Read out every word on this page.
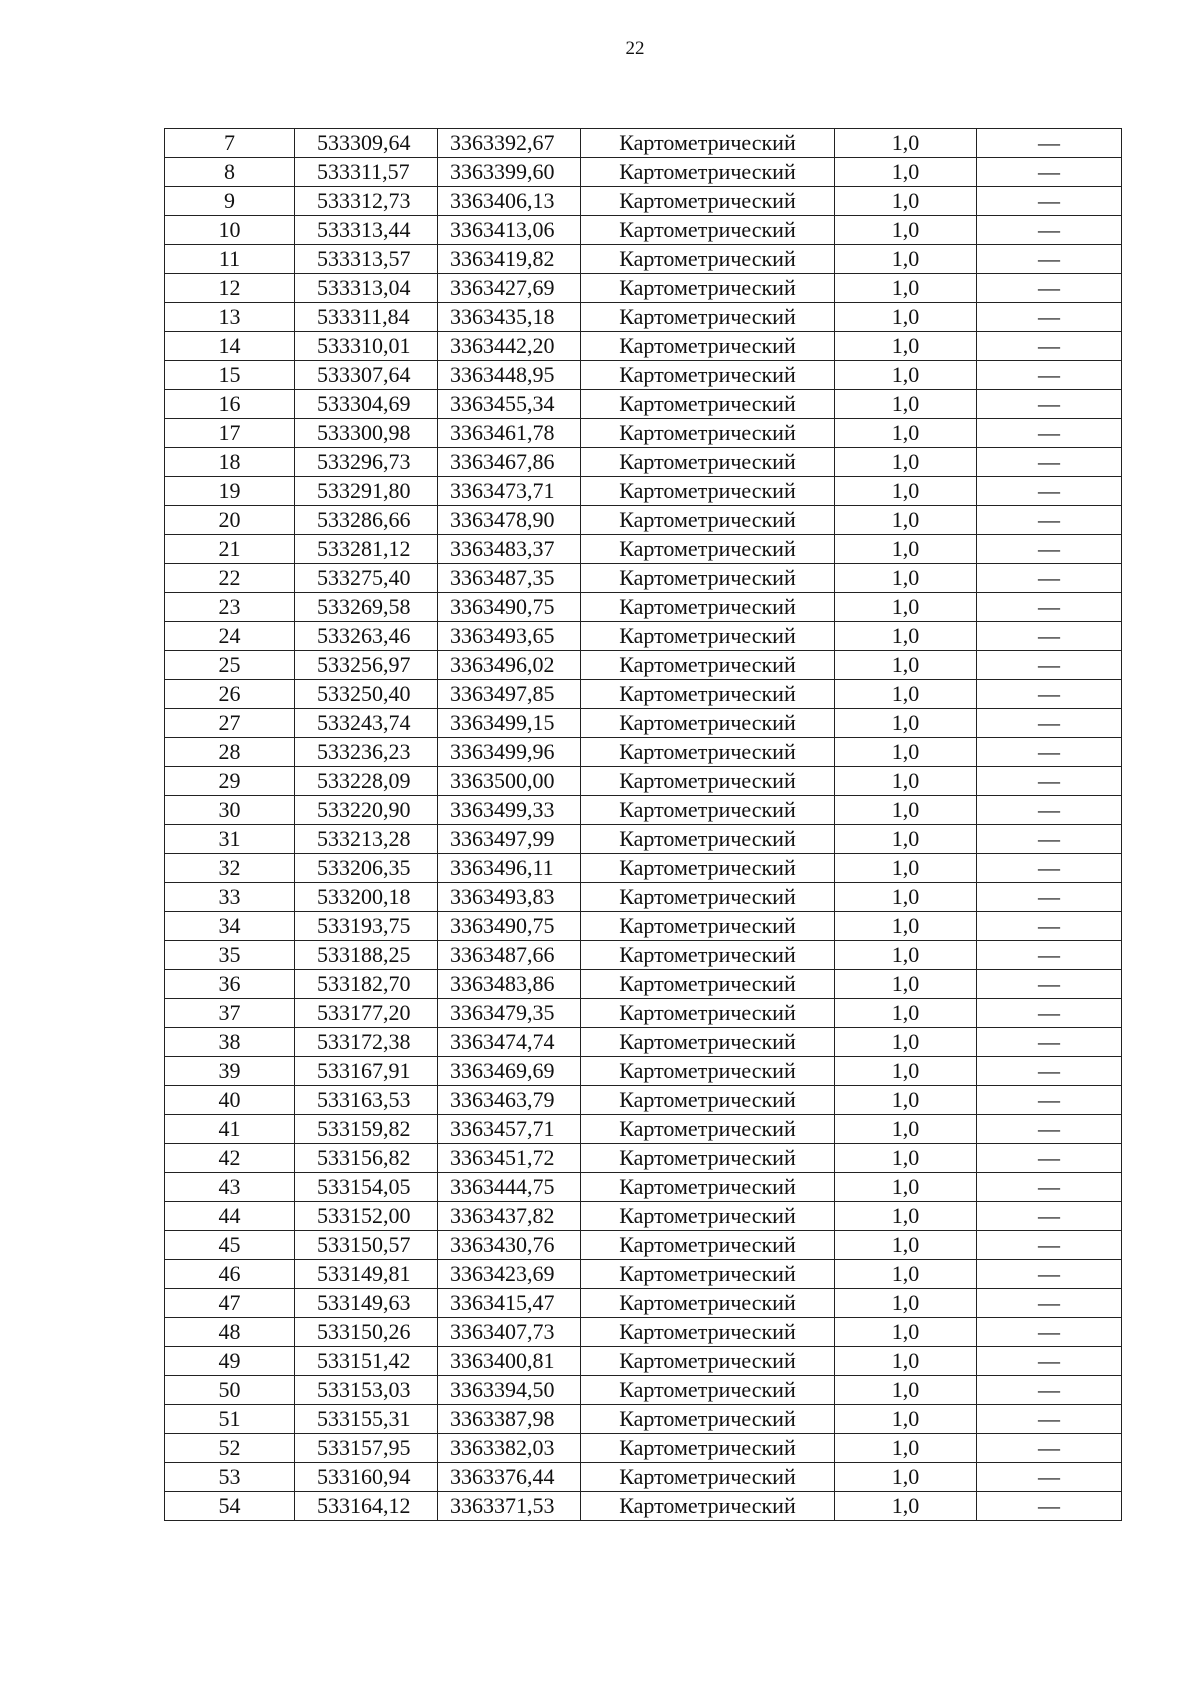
22
7	533309,64	3363392,67	Картометрический	1,0	—
8	533311,57	3363399,60	Картометрический	1,0	—
9	533312,73	3363406,13	Картометрический	1,0	—
10	533313,44	3363413,06	Картометрический	1,0	—
11	533313,57	3363419,82	Картометрический	1,0	—
12	533313,04	3363427,69	Картометрический	1,0	—
13	533311,84	3363435,18	Картометрический	1,0	—
14	533310,01	3363442,20	Картометрический	1,0	—
15	533307,64	3363448,95	Картометрический	1,0	—
16	533304,69	3363455,34	Картометрический	1,0	—
17	533300,98	3363461,78	Картометрический	1,0	—
18	533296,73	3363467,86	Картометрический	1,0	—
19	533291,80	3363473,71	Картометрический	1,0	—
20	533286,66	3363478,90	Картометрический	1,0	—
21	533281,12	3363483,37	Картометрический	1,0	—
22	533275,40	3363487,35	Картометрический	1,0	—
23	533269,58	3363490,75	Картометрический	1,0	—
24	533263,46	3363493,65	Картометрический	1,0	—
25	533256,97	3363496,02	Картометрический	1,0	—
26	533250,40	3363497,85	Картометрический	1,0	—
27	533243,74	3363499,15	Картометрический	1,0	—
28	533236,23	3363499,96	Картометрический	1,0	—
29	533228,09	3363500,00	Картометрический	1,0	—
30	533220,90	3363499,33	Картометрический	1,0	—
31	533213,28	3363497,99	Картометрический	1,0	—
32	533206,35	3363496,11	Картометрический	1,0	—
33	533200,18	3363493,83	Картометрический	1,0	—
34	533193,75	3363490,75	Картометрический	1,0	—
35	533188,25	3363487,66	Картометрический	1,0	—
36	533182,70	3363483,86	Картометрический	1,0	—
37	533177,20	3363479,35	Картометрический	1,0	—
38	533172,38	3363474,74	Картометрический	1,0	—
39	533167,91	3363469,69	Картометрический	1,0	—
40	533163,53	3363463,79	Картометрический	1,0	—
41	533159,82	3363457,71	Картометрический	1,0	—
42	533156,82	3363451,72	Картометрический	1,0	—
43	533154,05	3363444,75	Картометрический	1,0	—
44	533152,00	3363437,82	Картометрический	1,0	—
45	533150,57	3363430,76	Картометрический	1,0	—
46	533149,81	3363423,69	Картометрический	1,0	—
47	533149,63	3363415,47	Картометрический	1,0	—
48	533150,26	3363407,73	Картометрический	1,0	—
49	533151,42	3363400,81	Картометрический	1,0	—
50	533153,03	3363394,50	Картометрический	1,0	—
51	533155,31	3363387,98	Картометрический	1,0	—
52	533157,95	3363382,03	Картометрический	1,0	—
53	533160,94	3363376,44	Картометрический	1,0	—
54	533164,12	3363371,53	Картометрический	1,0	—
